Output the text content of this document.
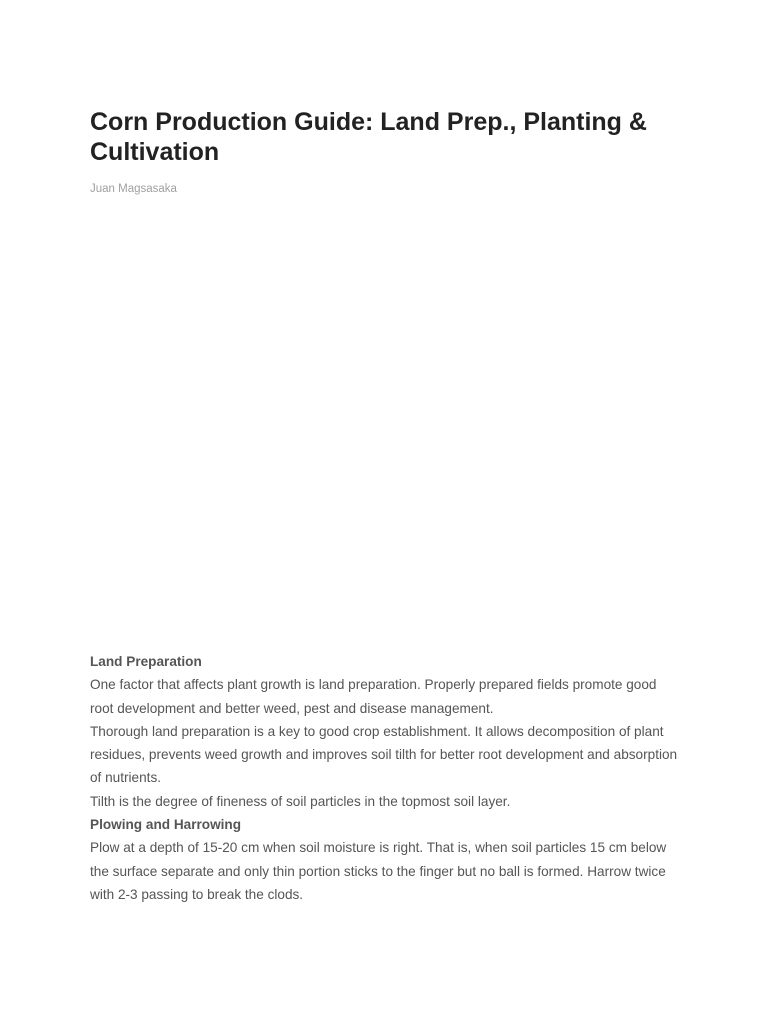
Corn Production Guide: Land Prep., Planting & Cultivation
Juan Magsasaka

Land Preparation

One factor that affects plant growth is land preparation. Properly prepared fields promote good root development and better weed, pest and disease management.

Thorough land preparation is a key to good crop establishment. It allows decomposition of plant residues, prevents weed growth and improves soil tilth for better root development and absorption of nutrients.

Tilth is the degree of fineness of soil particles in the topmost soil layer.

Plowing and Harrowing

Plow at a depth of 15-20 cm when soil moisture is right. That is, when soil particles 15 cm below the surface separate and only thin portion sticks to the finger but no ball is formed. Harrow twice with 2-3 passing to break the clods.
